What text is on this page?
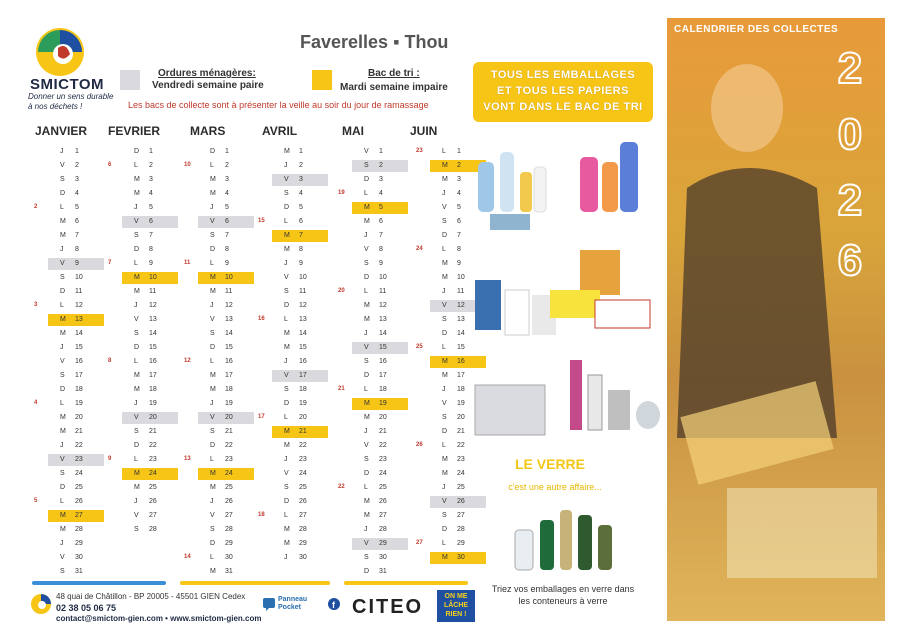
SMICTOM
Donner un sens durable à nos déchets !
Faverelles ▪ Thou
Ordures ménagères:
Vendredi semaine paire
Bac de tri :
Mardi semaine impaire
Les bacs de collecte sont à présenter la veille au soir du jour de ramassage
JANVIER
J	1
V	2
S	3
D	4
L	5
2
M	6
M	7
J	8
V	9
S	10
D	11
L	12
3
M	13
M	14
J	15
V	16
S	17
D	18
L	19
4
M	20
M	21
J	22
V	23
S	24
D	25
L	26
5
M	27
M	28
J	29
V	30
S	31
FEVRIER
D	1
L	2
6
M	3
M	4
J	5
V	6
S	7
D	8
L	9
7
M	10
M	11
J	12
V	13
S	14
D	15
L	16
8
M	17
M	18
J	19
V	20
S	21
D	22
L	23
9
M	24
M	25
J	26
V	27
S	28
MARS
D	1
L	2
10
M	3
M	4
J	5
V	6
S	7
D	8
L	9
11
M	10
M	11
J	12
V	13
S	14
D	15
L	16
12
M	17
M	18
J	19
V	20
S	21
D	22
L	23
13
M	24
M	25
J	26
V	27
S	28
D	29
L	30
14
M	31
AVRIL
M	1
J	2
V	3
S	4
D	5
L	6
15
M	7
M	8
J	9
V	10
S	11
D	12
L	13
16
M	14
M	15
J	16
V	17
S	18
D	19
L	20
17
M	21
M	22
J	23
V	24
S	25
D	26
L	27
18
M	28
M	29
J	30
MAI
V	1
S	2
D	3
L	4
19
M	5
M	6
J	7
V	8
S	9
D	10
L	11
20
M	12
M	13
J	14
V	15
S	16
D	17
L	18
21
M	19
M	20
J	21
V	22
S	23
D	24
L	25
22
M	26
M	27
J	28
V	29
S	30
D	31
JUIN
L	1
23
M	2
M	3
J	4
V	5
S	6
D	7
L	8
24
M	9
M	10
J	11
V	12
S	13
D	14
L	15
25
M	16
M	17
J	18
V	19
S	20
D	21
L	22
26
M	23
M	24
J	25
V	26
S	27
D	28
L	29
27
M	30
TOUS LES EMBALLAGES
ET TOUS LES PAPIERS
VONT DANS LE BAC DE TRI
LE VERRE
c'est une autre affaire...
CALENDRIER DES COLLECTES
2
0
2
6
48 quai de Châtillon - BP 20005 - 45501 GIEN Cedex
02 38 05 06 75
contact@smictom-gien.com • www.smictom-gien.com
Panneau
Pocket	f CITEO	ON ME
LÂCHE
RIEN !
Triez vos emballages en verre dans les conteneurs à verre
